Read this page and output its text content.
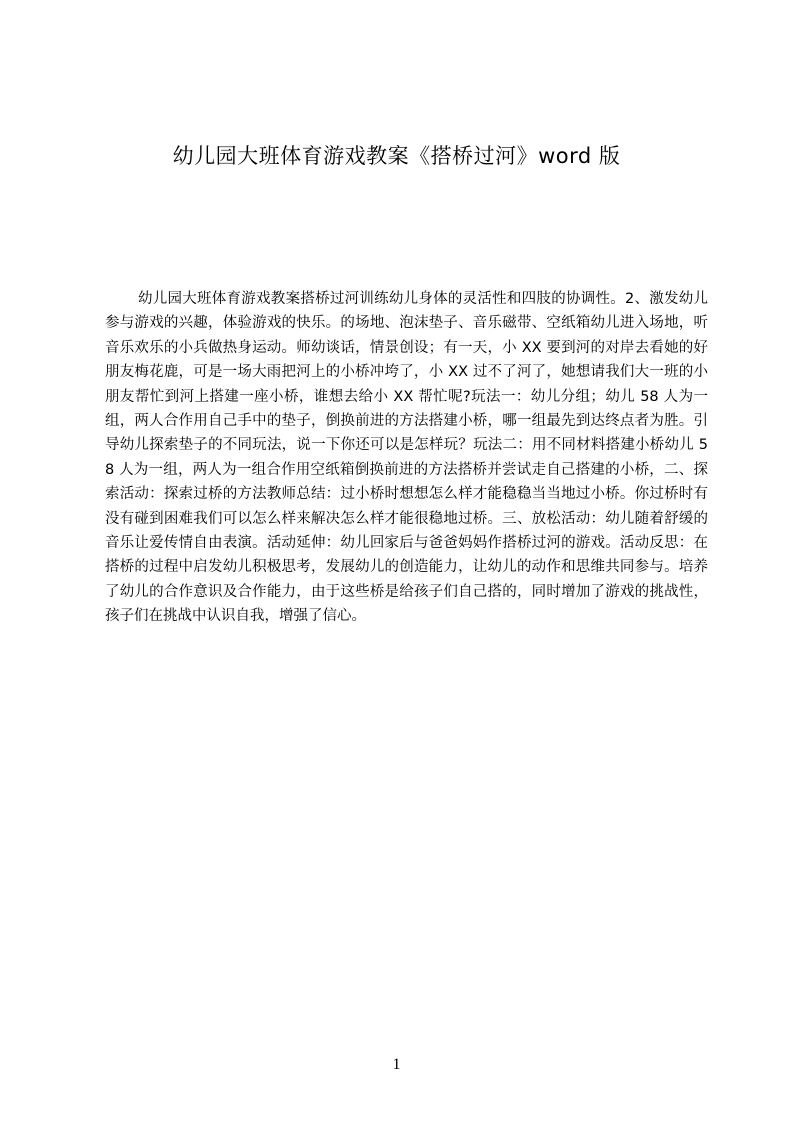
幼儿园大班体育游戏教案《搭桥过河》word 版

幼儿园大班体育游戏教案搭桥过河训练幼儿身体的灵活性和四肢的协调性。2、激发幼儿参与游戏的兴趣，体验游戏的快乐。的场地、泡沫垫子、音乐磁带、空纸箱幼儿进入场地，听音乐欢乐的小兵做热身运动。师幼谈话，情景创设；有一天，小 XX 要到河的对岸去看她的好朋友梅花鹿，可是一场大雨把河上的小桥冲垮了，小 XX 过不了河了，她想请我们大一班的小朋友帮忙到河上搭建一座小桥，谁想去给小 XX 帮忙呢?玩法一：幼儿分组；幼儿 58 人为一组，两人合作用自己手中的垫子，倒换前进的方法搭建小桥，哪一组最先到达终点者为胜。引导幼儿探索垫子的不同玩法，说一下你还可以是怎样玩？玩法二：用不同材料搭建小桥幼儿 58 人为一组，两人为一组合作用空纸箱倒换前进的方法搭桥并尝试走自己搭建的小桥，二、探索活动：探索过桥的方法教师总结：过小桥时想想怎么样才能稳稳当当地过小桥。你过桥时有没有碰到困难我们可以怎么样来解决怎么样才能很稳地过桥。三、放松活动：幼儿随着舒缓的音乐让爱传情自由表演。活动延伸：幼儿回家后与爸爸妈妈作搭桥过河的游戏。活动反思：在搭桥的过程中启发幼儿积极思考，发展幼儿的创造能力，让幼儿的动作和思维共同参与。培养了幼儿的合作意识及合作能力，由于这些桥是给孩子们自己搭的，同时增加了游戏的挑战性，孩子们在挑战中认识自我，增强了信心。

1
